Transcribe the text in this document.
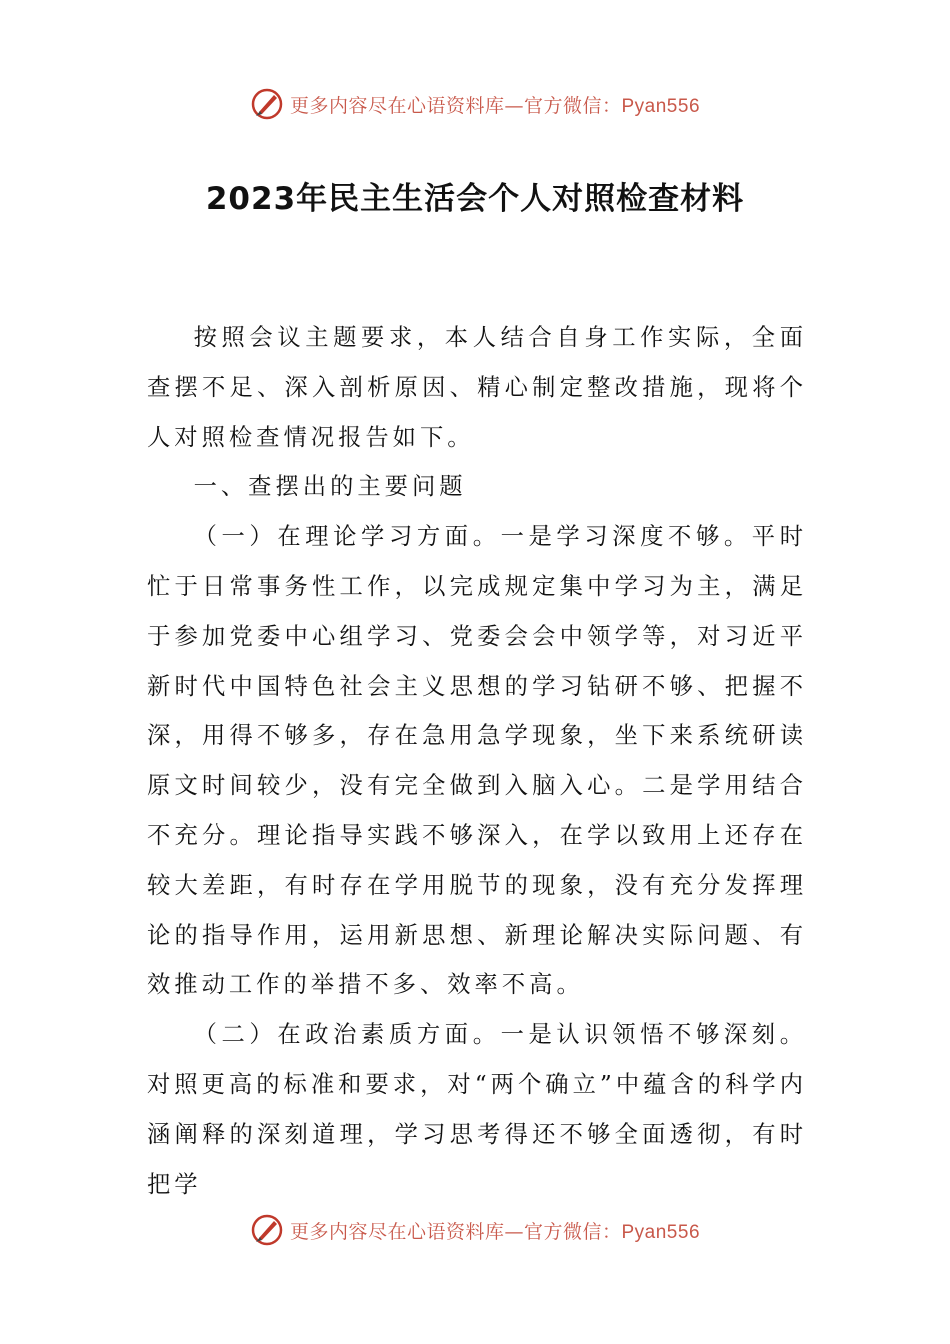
更多内容尽在心语资料库—官方微信：Pyan556
2023年民主生活会个人对照检查材料

按照会议主题要求，本人结合自身工作实际，全面查摆不足、深入剖析原因、精心制定整改措施，现将个人对照检查情况报告如下。

一、查摆出的主要问题

（一）在理论学习方面。一是学习深度不够。平时忙于日常事务性工作，以完成规定集中学习为主，满足于参加党委中心组学习、党委会会中领学等，对习近平新时代中国特色社会主义思想的学习钻研不够、把握不深，用得不够多，存在急用急学现象，坐下来系统研读原文时间较少，没有完全做到入脑入心。二是学用结合不充分。理论指导实践不够深入，在学以致用上还存在较大差距，有时存在学用脱节的现象，没有充分发挥理论的指导作用，运用新思想、新理论解决实际问题、有效推动工作的举措不多、效率不高。

（二）在政治素质方面。一是认识领悟不够深刻。对照更高的标准和要求，对“两个确立”中蕴含的科学内涵阐释的深刻道理，学习思考得还不够全面透彻，有时把学

更多内容尽在心语资料库—官方微信：Pyan556
